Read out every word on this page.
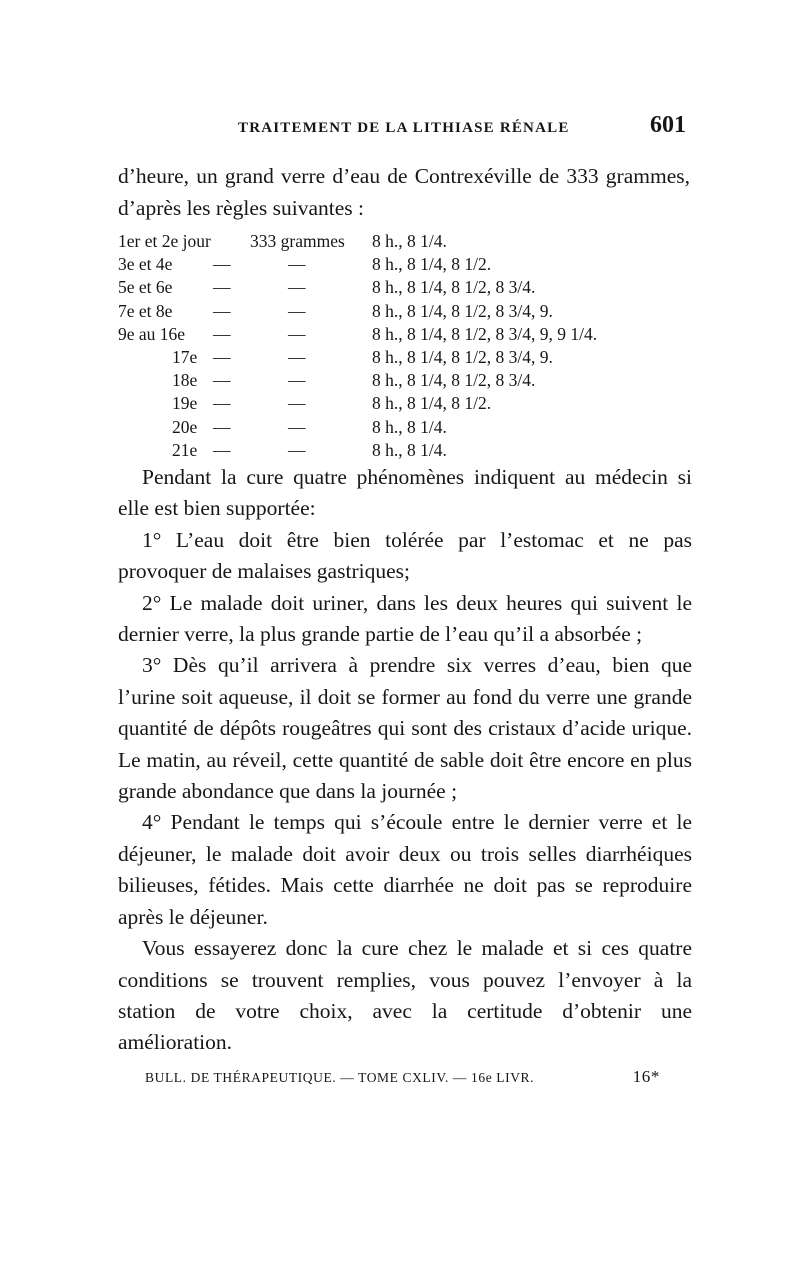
TRAITEMENT DE LA LITHIASE RÉNALE	601

d’heure, un grand verre d’eau de Contrexéville de 333 grammes, d’après les règles suivantes :

1er et 2e jour	333 grammes 8 h., 8 1/4.
3e et 4e	—	—	8 h., 8 1/4, 8 1/2.
5e et 6e	—	—	8 h., 8 1/4, 8 1/2, 8 3/4.
7e et 8e	—	—	8 h., 8 1/4, 8 1/2, 8 3/4, 9.
9e au 16e	—	—	8 h., 8 1/4, 8 1/2, 8 3/4, 9, 9 1/4.
17e —	—	8 h., 8 1/4, 8 1/2, 8 3/4, 9.
18e —	—	8 h., 8 1/4, 8 1/2, 8 3/4.
19e —	—	8 h., 8 1/4, 8 1/2.
20e —	—	8 h., 8 1/4.
21e —	—	8 h., 8 1/4.

Pendant la cure quatre phénomènes indiquent au médecin si elle est bien supportée:

1° L’eau doit être bien tolérée par l’estomac et ne pas provoquer de malaises gastriques;

2° Le malade doit uriner, dans les deux heures qui suivent le dernier verre, la plus grande partie de l’eau qu’il a absorbée ;

3° Dès qu’il arrivera à prendre six verres d’eau, bien que l’urine soit aqueuse, il doit se former au fond du verre une grande quantité de dépôts rougeâtres qui sont des cristaux d’acide urique. Le matin, au réveil, cette quantité de sable doit être encore en plus grande abondance que dans la journée ;

4° Pendant le temps qui s’écoule entre le dernier verre et le déjeuner, le malade doit avoir deux ou trois selles diarrhéiques bilieuses, fétides. Mais cette diarrhée ne doit pas se reproduire après le déjeuner.

Vous essayerez donc la cure chez le malade et si ces quatre conditions se trouvent remplies, vous pouvez l’envoyer à la station de votre choix, avec la certitude d’obtenir une amélioration.

BULL. DE THÉRAPEUTIQUE. — TOME CXLIV. — 16e LIVR.	16*
